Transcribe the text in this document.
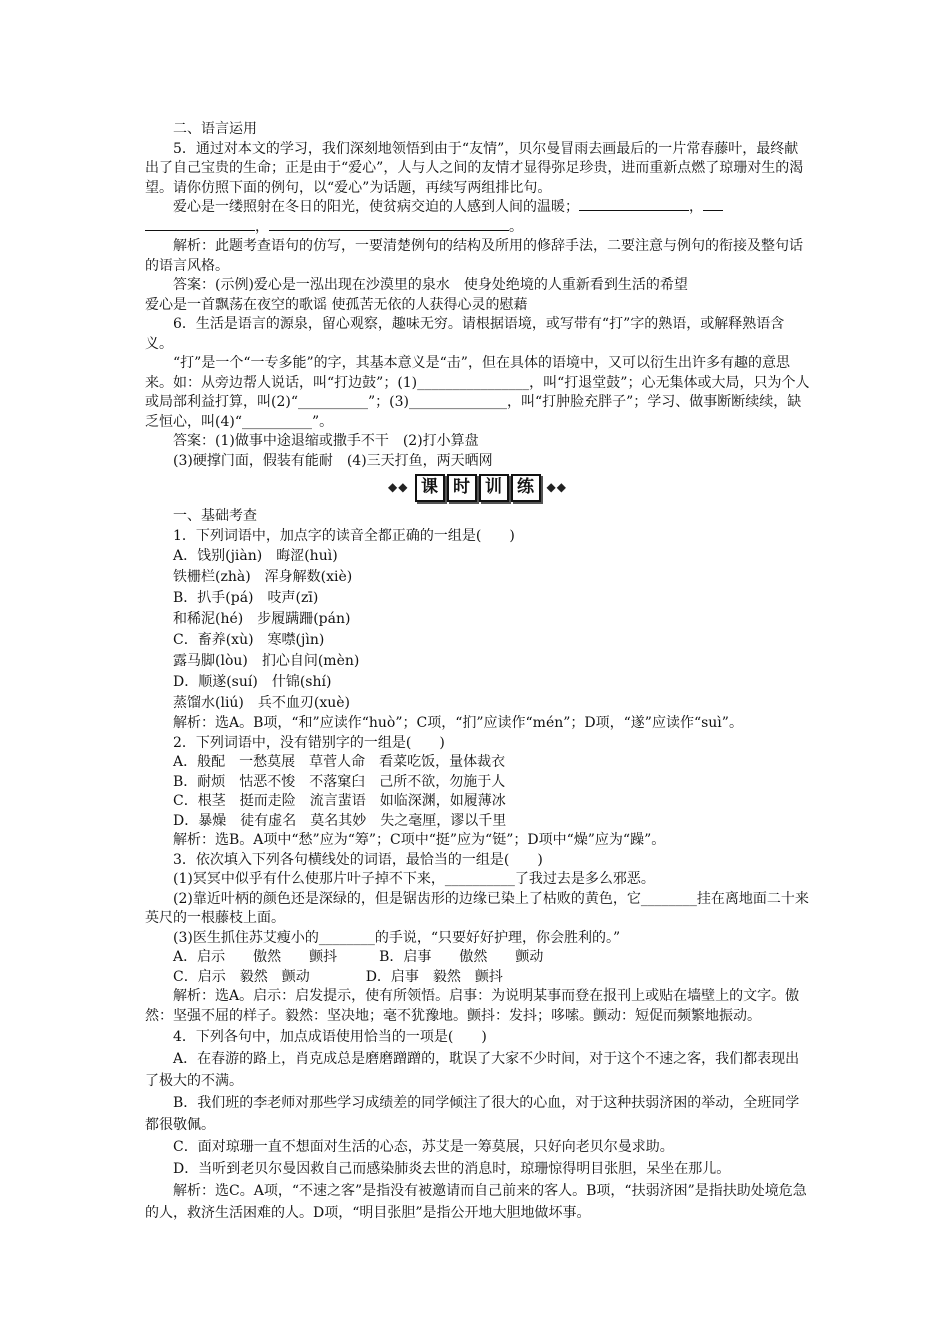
二、语言运用

5．通过对本文的学习，我们深刻地领悟到由于“友情”，贝尔曼冒雨去画最后的一片常春藤叶，最终献出了自己宝贵的生命；正是由于“爱心”，人与人之间的友情才显得弥足珍贵，进而重新点燃了琼珊对生的渴望。请你仿照下面的例句，以“爱心”为话题，再续写两组排比句。

爱心是一缕照射在冬日的阳光，使贫病交迫的人感到人间的温暖；	，

，	。

解析：此题考查语句的仿写，一要清楚例句的结构及所用的修辞手法，二要注意与例句的衔接及整句话的语言风格。

答案：(示例)爱心是一泓出现在沙漠里的泉水　使身处绝境的人重新看到生活的希望

爱心是一首飘荡在夜空的歌谣 使孤苦无依的人获得心灵的慰藉

6．生活是语言的源泉，留心观察，趣味无穷。请根据语境，或写带有“打”字的熟语，或解释熟语含义。

“打”是一个“一专多能”的字，其基本意义是“击”，但在具体的语境中，又可以衍生出许多有趣的意思来。如：从旁边帮人说话，叫“打边鼓”；(1)________________，叫“打退堂鼓”；心无集体或大局，只为个人或局部利益打算，叫(2)“__________”；(3)______________，叫“打肿脸充胖子”；学习、做事断断续续，缺乏恒心，叫(4)“__________”。

答案：(1)做事中途退缩或撒手不干　(2)打小算盘

(3)硬撑门面，假装有能耐　(4)三天打鱼，两天晒网

◆◆ 课 时 训 练	◆◆

一、基础考查

1．下列词语中，加点字的读音全都正确的一组是(　　)

A．饯别(jiàn)　晦涩(huì)

铁栅栏(zhà)　浑身解数(xiè)

B．扒手(pá)　吱声(zī)

和稀泥(hé)　步履蹒跚(pán)

C．畜养(xù)　寒噤(jìn)

露马脚(lòu)　扪心自问(mèn)

D．顺遂(suí)　什锦(shí)

蒸馏水(liú)　兵不血刃(xuè)

解析：选A。B项，“和”应读作“huò”；C项，“扪”应读作“mén”；D项，“遂”应读作“suì”。

2．下列词语中，没有错别字的一组是(　　)

A．般配　一愁莫展　草菅人命　看菜吃饭，量体裁衣

B．耐烦　怙恶不悛　不落窠臼　己所不欲，勿施于人

C．根茎　挺而走险　流言蜚语　如临深渊，如履薄冰

D．暴燥　徒有虚名　莫名其妙　失之毫厘，谬以千里

解析：选B。A项中“愁”应为“筹”；C项中“挺”应为“铤”；D项中“燥”应为“躁”。

3．依次填入下列各句横线处的词语，最恰当的一组是(　　)

(1)冥冥中似乎有什么使那片叶子掉不下来，__________了我过去是多么邪恶。

(2)靠近叶柄的颜色还是深绿的，但是锯齿形的边缘已染上了枯败的黄色，它________挂在离地面二十来英尺的一根藤枝上面。

(3)医生抓住苏艾瘦小的________的手说，“只要好好护理，你会胜利的。”

A．启示　　傲然　　颤抖　　　B．启事　　傲然　　颤动

C．启示　毅然　颤动　　　　D．启事　毅然　颤抖

解析：选A。启示：启发提示，使有所领悟。启事：为说明某事而登在报刊上或贴在墙壁上的文字。傲然：坚强不屈的样子。毅然：坚决地；毫不犹豫地。颤抖：发抖；哆嗦。颤动：短促而频繁地振动。

4．下列各句中，加点成语使用恰当的一项是(　　)

A．在春游的路上，肖克成总是磨磨蹭蹭的，耽误了大家不少时间，对于这个不速之客，我们都表现出了极大的不满。

B．我们班的李老师对那些学习成绩差的同学倾注了很大的心血，对于这种扶弱济困的举动，全班同学都很敬佩。

C．面对琼珊一直不想面对生活的心态，苏艾是一筹莫展，只好向老贝尔曼求助。

D．当听到老贝尔曼因救自己而感染肺炎去世的消息时，琼珊惊得明目张胆，呆坐在那儿。

解析：选C。A项，“不速之客”是指没有被邀请而自己前来的客人。B项，“扶弱济困”是指扶助处境危急的人，救济生活困难的人。D项，“明目张胆”是指公开地大胆地做坏事。
